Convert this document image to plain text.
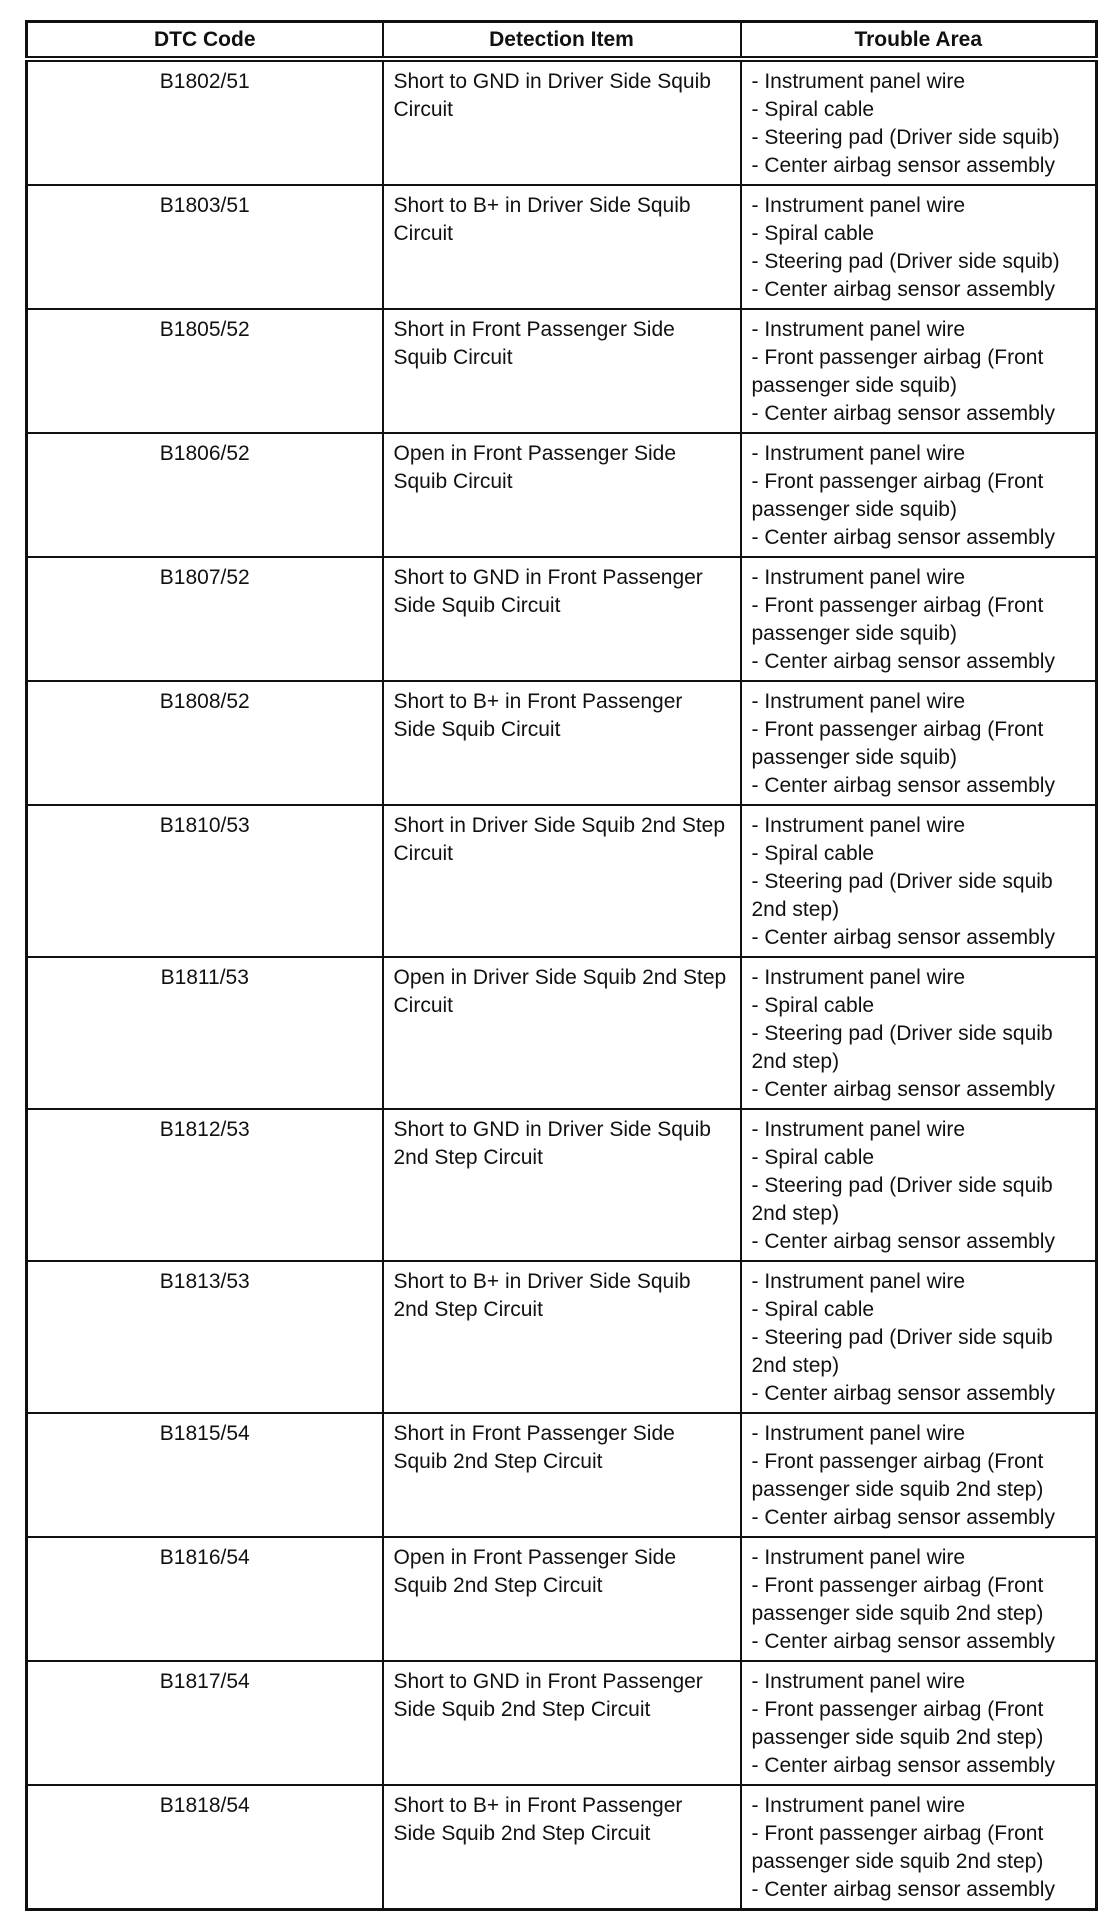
DTC Code	Detection Item	Trouble Area
B1802/51	Short to GND in Driver Side Squib Circuit	- Instrument panel wire
- Spiral cable
- Steering pad (Driver side squib)
- Center airbag sensor assembly

B1803/51	Short to B+ in Driver Side Squib Circuit	- Instrument panel wire
- Spiral cable
- Steering pad (Driver side squib)
- Center airbag sensor assembly

B1805/52	Short in Front Passenger Side Squib Circuit	- Instrument panel wire
- Front passenger airbag (Front passenger side squib)
- Center airbag sensor assembly

B1806/52	Open in Front Passenger Side Squib Circuit	- Instrument panel wire
- Front passenger airbag (Front passenger side squib)
- Center airbag sensor assembly

B1807/52	Short to GND in Front Passenger Side Squib Circuit	- Instrument panel wire
- Front passenger airbag (Front passenger side squib)
- Center airbag sensor assembly

B1808/52	Short to B+ in Front Passenger Side Squib Circuit	- Instrument panel wire
- Front passenger airbag (Front passenger side squib)
- Center airbag sensor assembly

B1810/53	Short in Driver Side Squib 2nd Step Circuit	- Instrument panel wire
- Spiral cable
- Steering pad (Driver side squib 2nd step)
- Center airbag sensor assembly

B1811/53	Open in Driver Side Squib 2nd Step Circuit	- Instrument panel wire
- Spiral cable
- Steering pad (Driver side squib 2nd step)
- Center airbag sensor assembly

B1812/53	Short to GND in Driver Side Squib 2nd Step Circuit	- Instrument panel wire
- Spiral cable
- Steering pad (Driver side squib 2nd step)
- Center airbag sensor assembly

B1813/53	Short to B+ in Driver Side Squib 2nd Step Circuit	- Instrument panel wire
- Spiral cable
- Steering pad (Driver side squib 2nd step)
- Center airbag sensor assembly

B1815/54	Short in Front Passenger Side Squib 2nd Step Circuit	- Instrument panel wire
- Front passenger airbag (Front passenger side squib 2nd step)
- Center airbag sensor assembly

B1816/54	Open in Front Passenger Side Squib 2nd Step Circuit	- Instrument panel wire
- Front passenger airbag (Front passenger side squib 2nd step)
- Center airbag sensor assembly

B1817/54	Short to GND in Front Passenger Side Squib 2nd Step Circuit	- Instrument panel wire
- Front passenger airbag (Front passenger side squib 2nd step)
- Center airbag sensor assembly

B1818/54	Short to B+ in Front Passenger Side Squib 2nd Step Circuit	- Instrument panel wire
- Front passenger airbag (Front passenger side squib 2nd step)
- Center airbag sensor assembly
